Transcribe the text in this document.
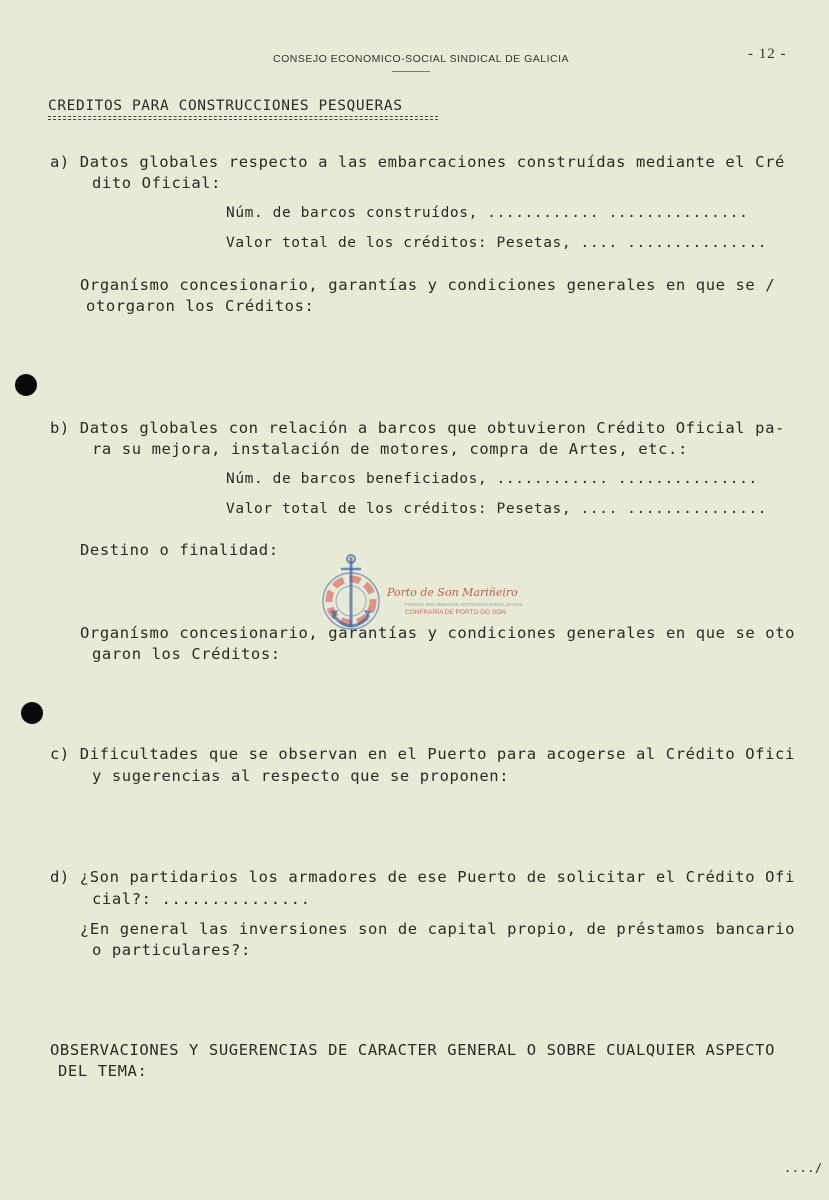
CONSEJO ECONOMICO-SOCIAL SINDICAL DE GALICIA	- 12 -
CREDITOS PARA CONSTRUCCIONES PESQUERAS
a) Datos globales respecto a las embarcaciones construídas mediante el Cré
dito Oficial:
Núm. de barcos construídos, ............ ...............
Valor total de los créditos: Pesetas, .... ...............
Organísmo concesionario, garantías y condiciones generales en que se /
otorgaron los Créditos:
b) Datos globales con relación a barcos que obtuvieron Crédito Oficial pa-
ra su mejora, instalación de motores, compra de Artes, etc.:
Núm. de barcos beneficiados, ............ ...............
Valor total de los créditos: Pesetas, .... ...............
Destino o finalidad:
Porto de Son Mariñeiro
FONDOS DOCUMENTAIS HISTÓRICOS DIXITALIZADOS
CONFRARÍA DE PORTO DO SON
Organísmo concesionario, garantías y condiciones generales en que se oto
garon los Créditos:
c) Dificultades que se observan en el Puerto para acogerse al Crédito Ofici
y sugerencias al respecto que se proponen:
d) ¿Son partidarios los armadores de ese Puerto de solicitar el Crédito Ofi
cial?: ...............
¿En general las inversiones son de capital propio, de préstamos bancario
o particulares?:
OBSERVACIONES Y SUGERENCIAS DE CARACTER GENERAL O SOBRE CUALQUIER ASPECTO
DEL TEMA:
..../
